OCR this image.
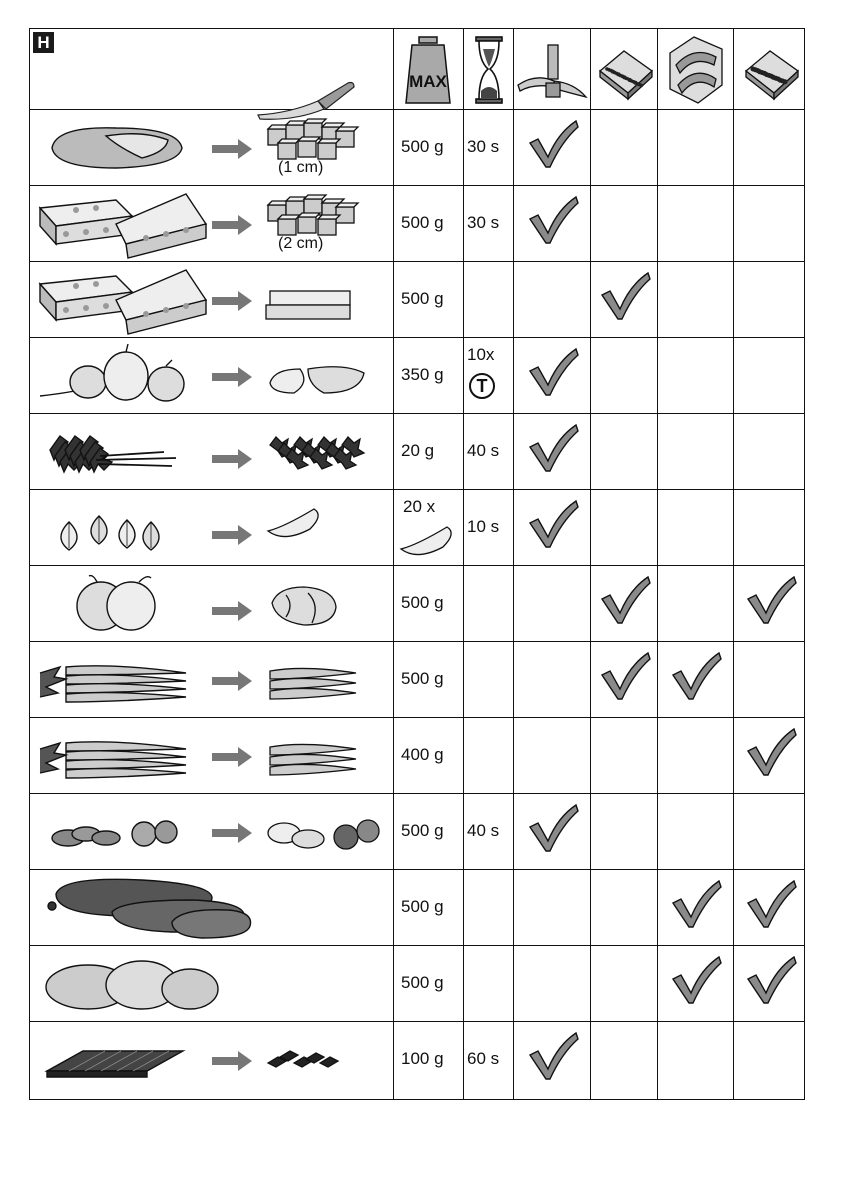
H
MAX
(1 cm)
500 g 30 s
(2 cm)
500 g 30 s
500 g
350 g
10x
T
20 g 40 s
20 x
10 s
500 g
500 g
400 g
500 g 40 s
500 g
500 g
100 g 60 s
